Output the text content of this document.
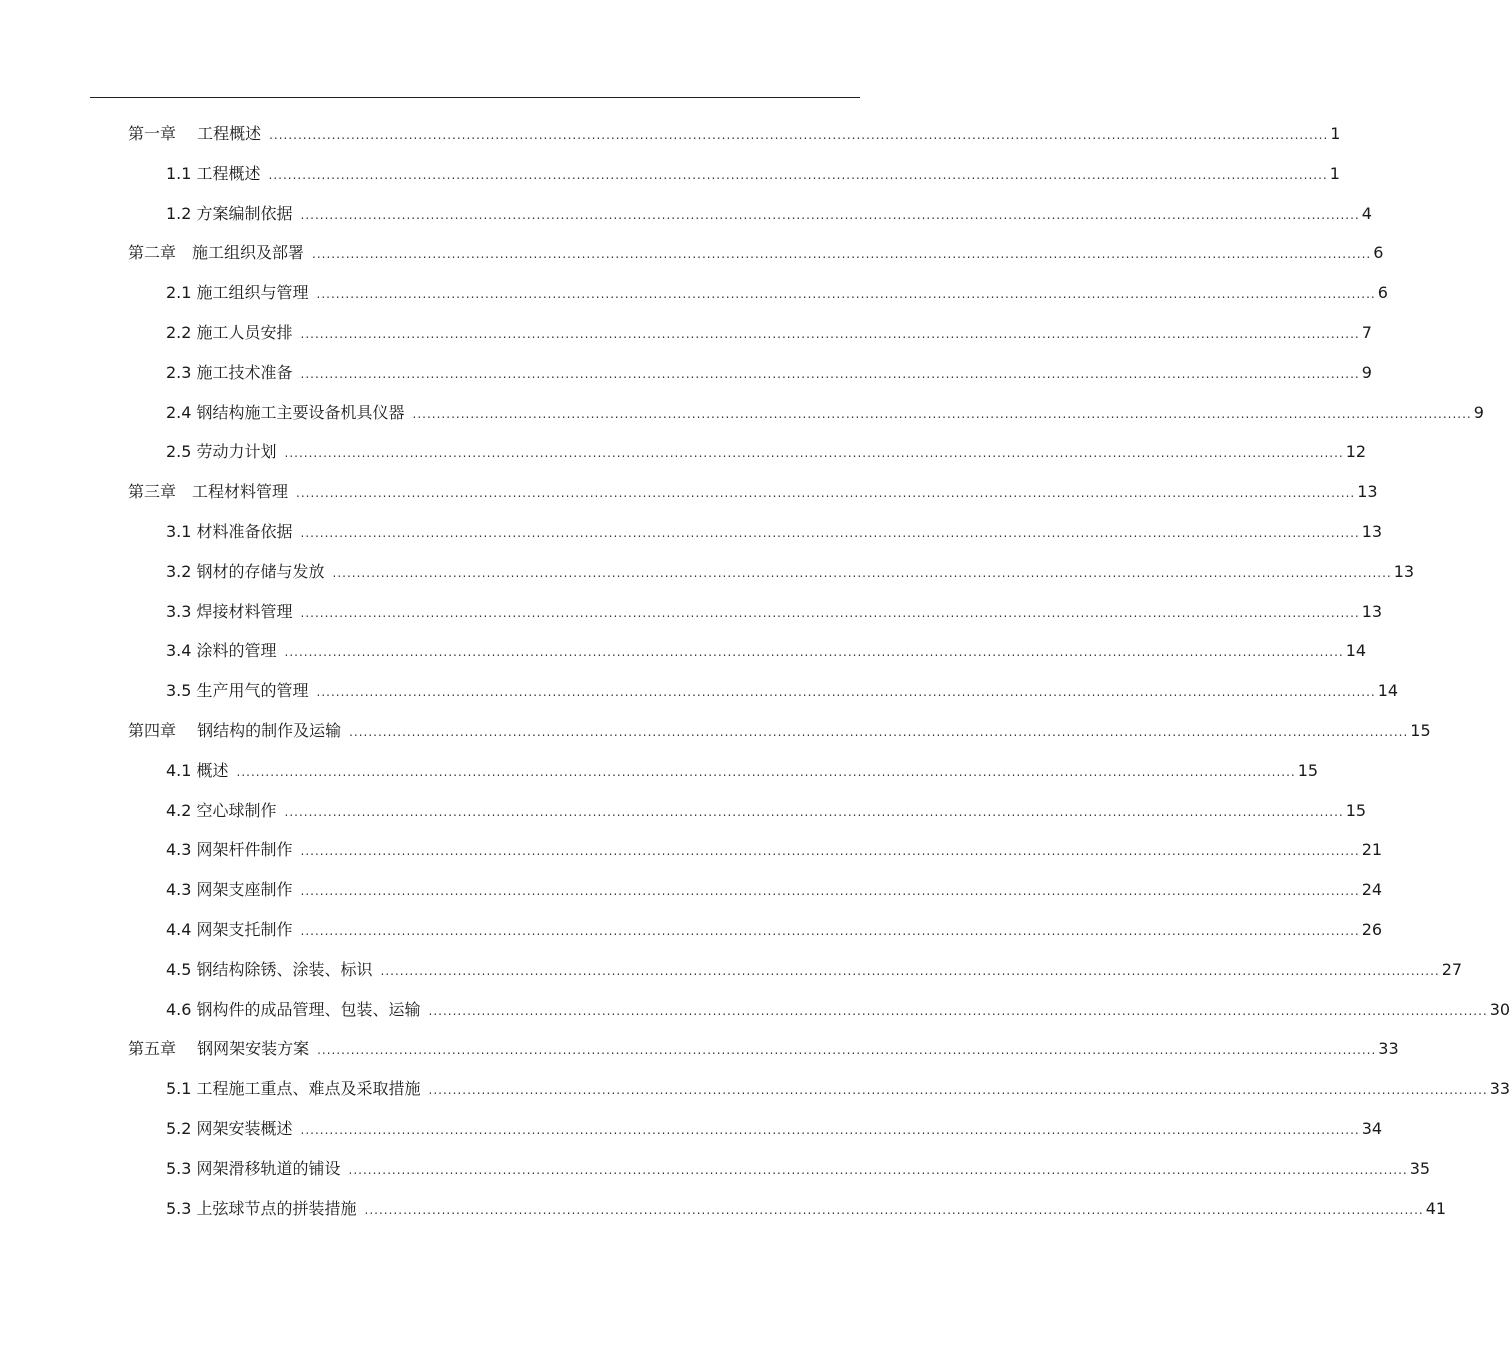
第一章　 工程概述 ............................................................................................................................................................................................................................ 1
1.1 工程概述 ............................................................................................................................................................................................................................ 1
1.2 方案编制依据 ............................................................................................................................................................................................................................ 4
第二章　施工组织及部署 ............................................................................................................................................................................................................................ 6
2.1 施工组织与管理 ............................................................................................................................................................................................................................ 6
2.2 施工人员安排 ............................................................................................................................................................................................................................ 7
2.3 施工技术准备 ............................................................................................................................................................................................................................ 9
2.4 钢结构施工主要设备机具仪器 ............................................................................................................................................................................................................................ 9
2.5 劳动力计划 ............................................................................................................................................................................................................................ 12
第三章　工程材料管理 ............................................................................................................................................................................................................................ 13
3.1 材料准备依据 ............................................................................................................................................................................................................................ 13
3.2 钢材的存储与发放 ............................................................................................................................................................................................................................ 13
3.3 焊接材料管理 ............................................................................................................................................................................................................................ 13
3.4 涂料的管理 ............................................................................................................................................................................................................................ 14
3.5 生产用气的管理 ............................................................................................................................................................................................................................ 14
第四章　 钢结构的制作及运输 ............................................................................................................................................................................................................................ 15
4.1 概述 ............................................................................................................................................................................................................................ 15
4.2 空心球制作 ............................................................................................................................................................................................................................ 15
4.3 网架杆件制作 ............................................................................................................................................................................................................................ 21
4.3 网架支座制作 ............................................................................................................................................................................................................................ 24
4.4 网架支托制作 ............................................................................................................................................................................................................................ 26
4.5 钢结构除锈、涂装、标识 ............................................................................................................................................................................................................................ 27
4.6 钢构件的成品管理、包装、运输 ............................................................................................................................................................................................................................ 30
第五章　 钢网架安装方案 ............................................................................................................................................................................................................................ 33
5.1 工程施工重点、难点及采取措施 ............................................................................................................................................................................................................................ 33
5.2 网架安装概述 ............................................................................................................................................................................................................................ 34
5.3 网架滑移轨道的铺设 ............................................................................................................................................................................................................................ 35
5.3 上弦球节点的拼装措施 ............................................................................................................................................................................................................................ 41
